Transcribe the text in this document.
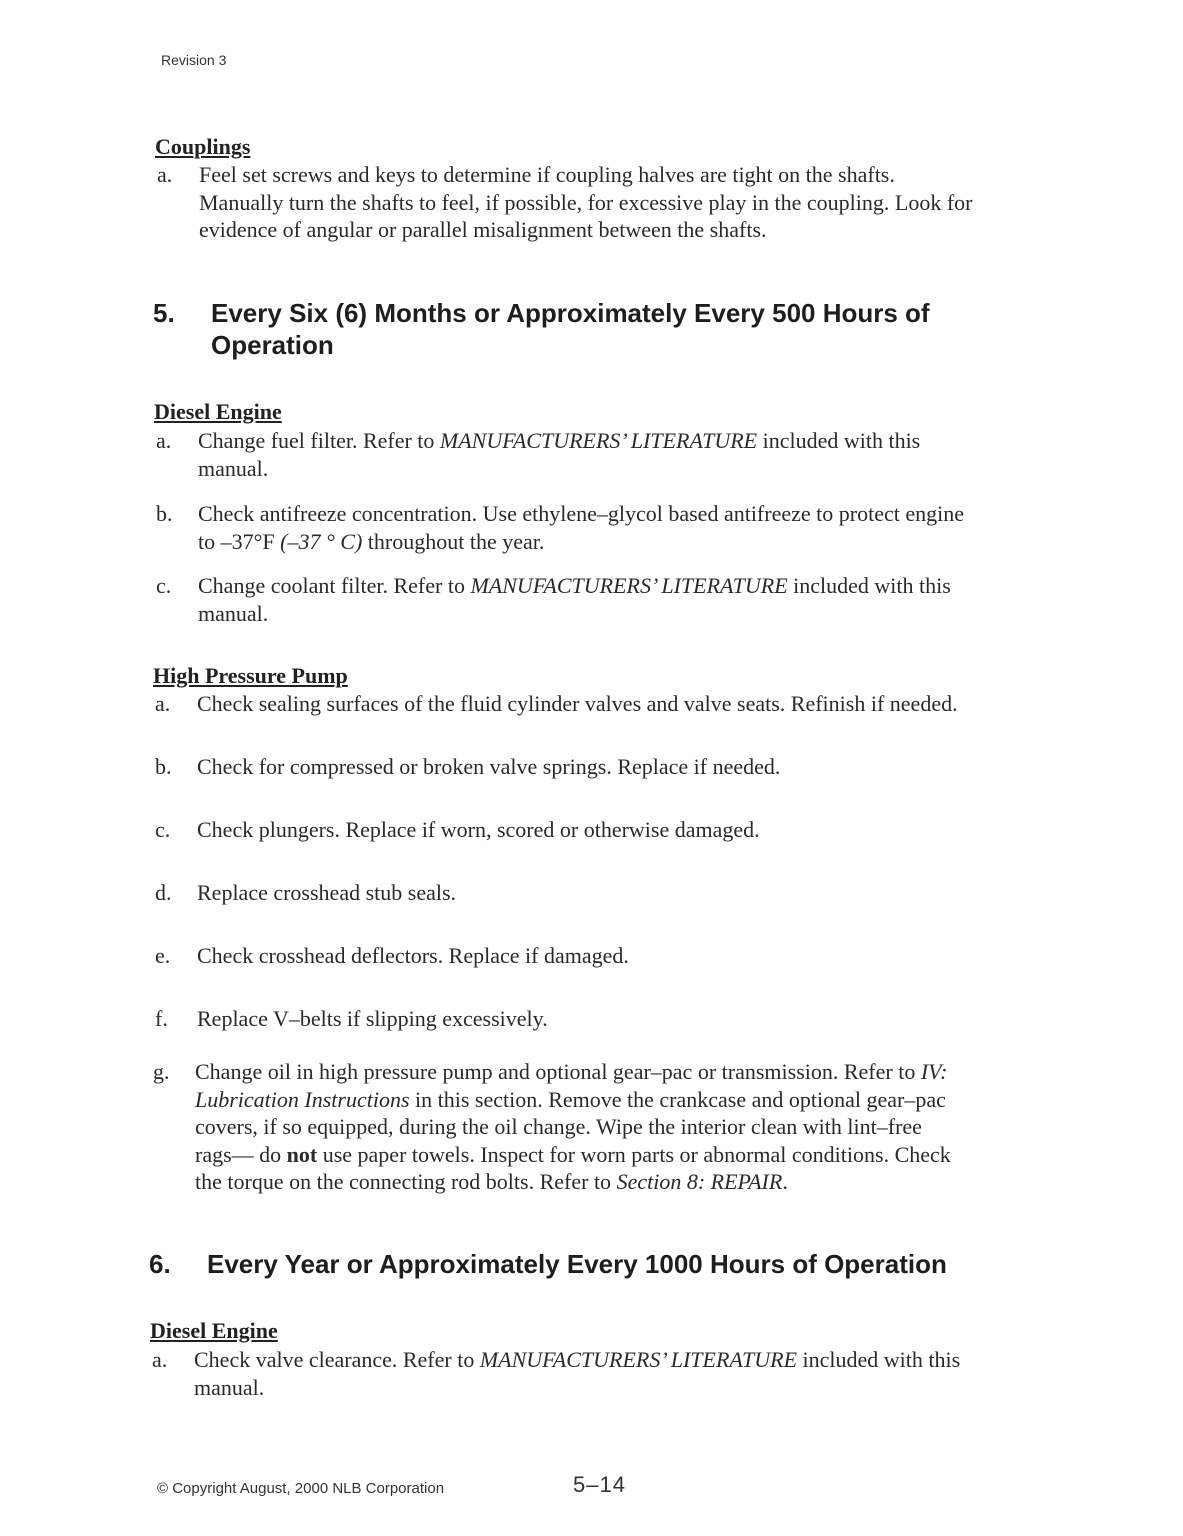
Revision 3
Couplings
a. Feel set screws and keys to determine if coupling halves are tight on the shafts.
Manually turn the shafts to feel, if possible, for excessive play in the coupling. Look for
evidence of angular or parallel misalignment between the shafts.
5. Every Six (6) Months or Approximately Every 500 Hours of
Operation
Diesel Engine
a. Change fuel filter. Refer to MANUFACTURERS’ LITERATURE included with this
manual.
b. Check antifreeze concentration. Use ethylene–glycol based antifreeze to protect engine
to –37°F (–37 ° C) throughout the year.
c. Change coolant filter. Refer to MANUFACTURERS’ LITERATURE included with this
manual.
High Pressure Pump
a. Check sealing surfaces of the fluid cylinder valves and valve seats. Refinish if needed.
b. Check for compressed or broken valve springs. Replace if needed.
c. Check plungers. Replace if worn, scored or otherwise damaged.
d. Replace crosshead stub seals.
e. Check crosshead deflectors. Replace if damaged.
f. Replace V–belts if slipping excessively.
g. Change oil in high pressure pump and optional gear–pac or transmission. Refer to IV:
Lubrication Instructions in this section. Remove the crankcase and optional gear–pac
covers, if so equipped, during the oil change. Wipe the interior clean with lint–free
rags–– do not use paper towels. Inspect for worn parts or abnormal conditions. Check
the torque on the connecting rod bolts. Refer to Section 8: REPAIR.
6. Every Year or Approximately Every 1000 Hours of Operation
Diesel Engine
a. Check valve clearance. Refer to MANUFACTURERS’ LITERATURE included with this
manual.
© Copyright August, 2000 NLB Corporation	5–14
